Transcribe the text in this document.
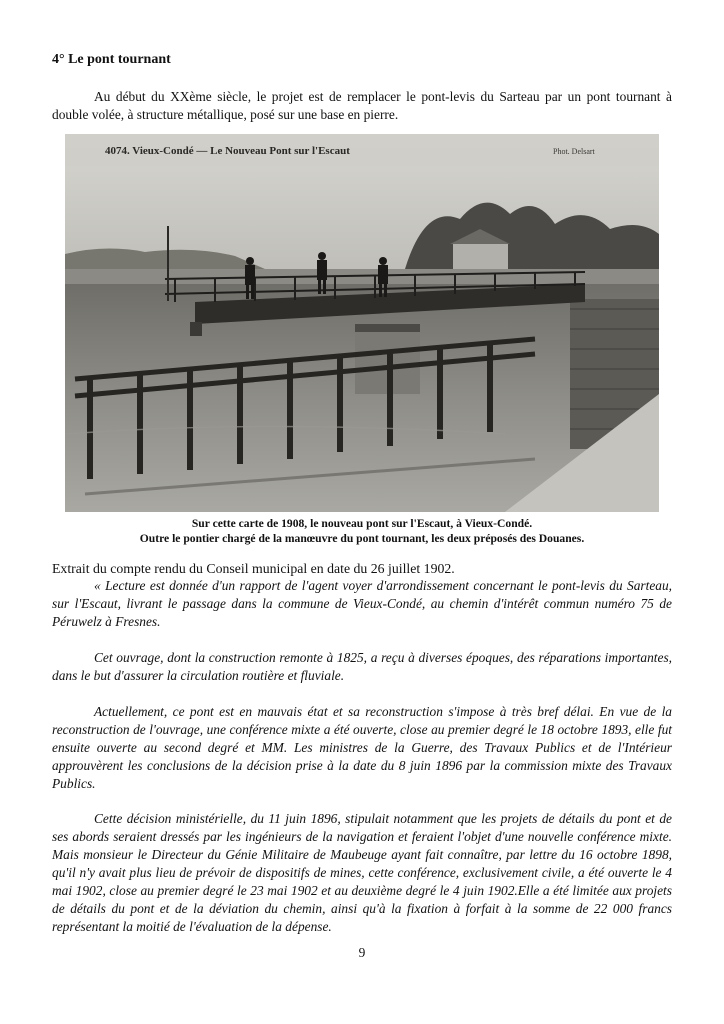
4° Le pont tournant

Au début du XXème siècle, le projet est de remplacer le pont-levis du Sarteau par un pont tournant à double volée, à structure métallique, posé sur une base en pierre.

4074. Vieux-Condé — Le Nouveau Pont sur l'Escaut	Phot. Delsart
Sur cette carte de 1908, le nouveau pont sur l'Escaut, à Vieux-Condé.
Outre le pontier chargé de la manœuvre du pont tournant, les deux préposés des Douanes.
Extrait du compte rendu du Conseil municipal en date du 26 juillet 1902.

« Lecture est donnée d'un rapport de l'agent voyer d'arrondissement concernant le pont-levis du Sarteau, sur l'Escaut, livrant le passage dans la commune de Vieux-Condé, au chemin d'intérêt commun numéro 75 de Péruwelz à Fresnes.

Cet ouvrage, dont la construction remonte à 1825, a reçu à diverses époques, des réparations importantes, dans le but d'assurer la circulation routière et fluviale.

Actuellement, ce pont est en mauvais état et sa reconstruction s'impose à très bref délai. En vue de la reconstruction de l'ouvrage, une conférence mixte a été ouverte, close au premier degré le 18 octobre 1893, elle fut ensuite ouverte au second degré et MM. Les ministres de la Guerre, des Travaux Publics et de l'Intérieur approuvèrent les conclusions de la décision prise à la date du 8 juin 1896 par la commission mixte des Travaux Publics.

Cette décision ministérielle, du 11 juin 1896, stipulait notamment que les projets de détails du pont et de ses abords seraient dressés par les ingénieurs de la navigation et feraient l'objet d'une nouvelle conférence mixte. Mais monsieur le Directeur du Génie Militaire de Maubeuge ayant fait connaître, par lettre du 16 octobre 1898, qu'il n'y avait plus lieu de prévoir de dispositifs de mines, cette conférence, exclusivement civile, a été ouverte le 4 mai 1902, close au premier degré le 23 mai 1902 et au deuxième degré le 4 juin 1902.Elle a été limitée aux projets de détails du pont et de la déviation du chemin, ainsi qu'à la fixation à forfait à la somme de 22 000 francs représentant la moitié de l'évaluation de la dépense.

9
